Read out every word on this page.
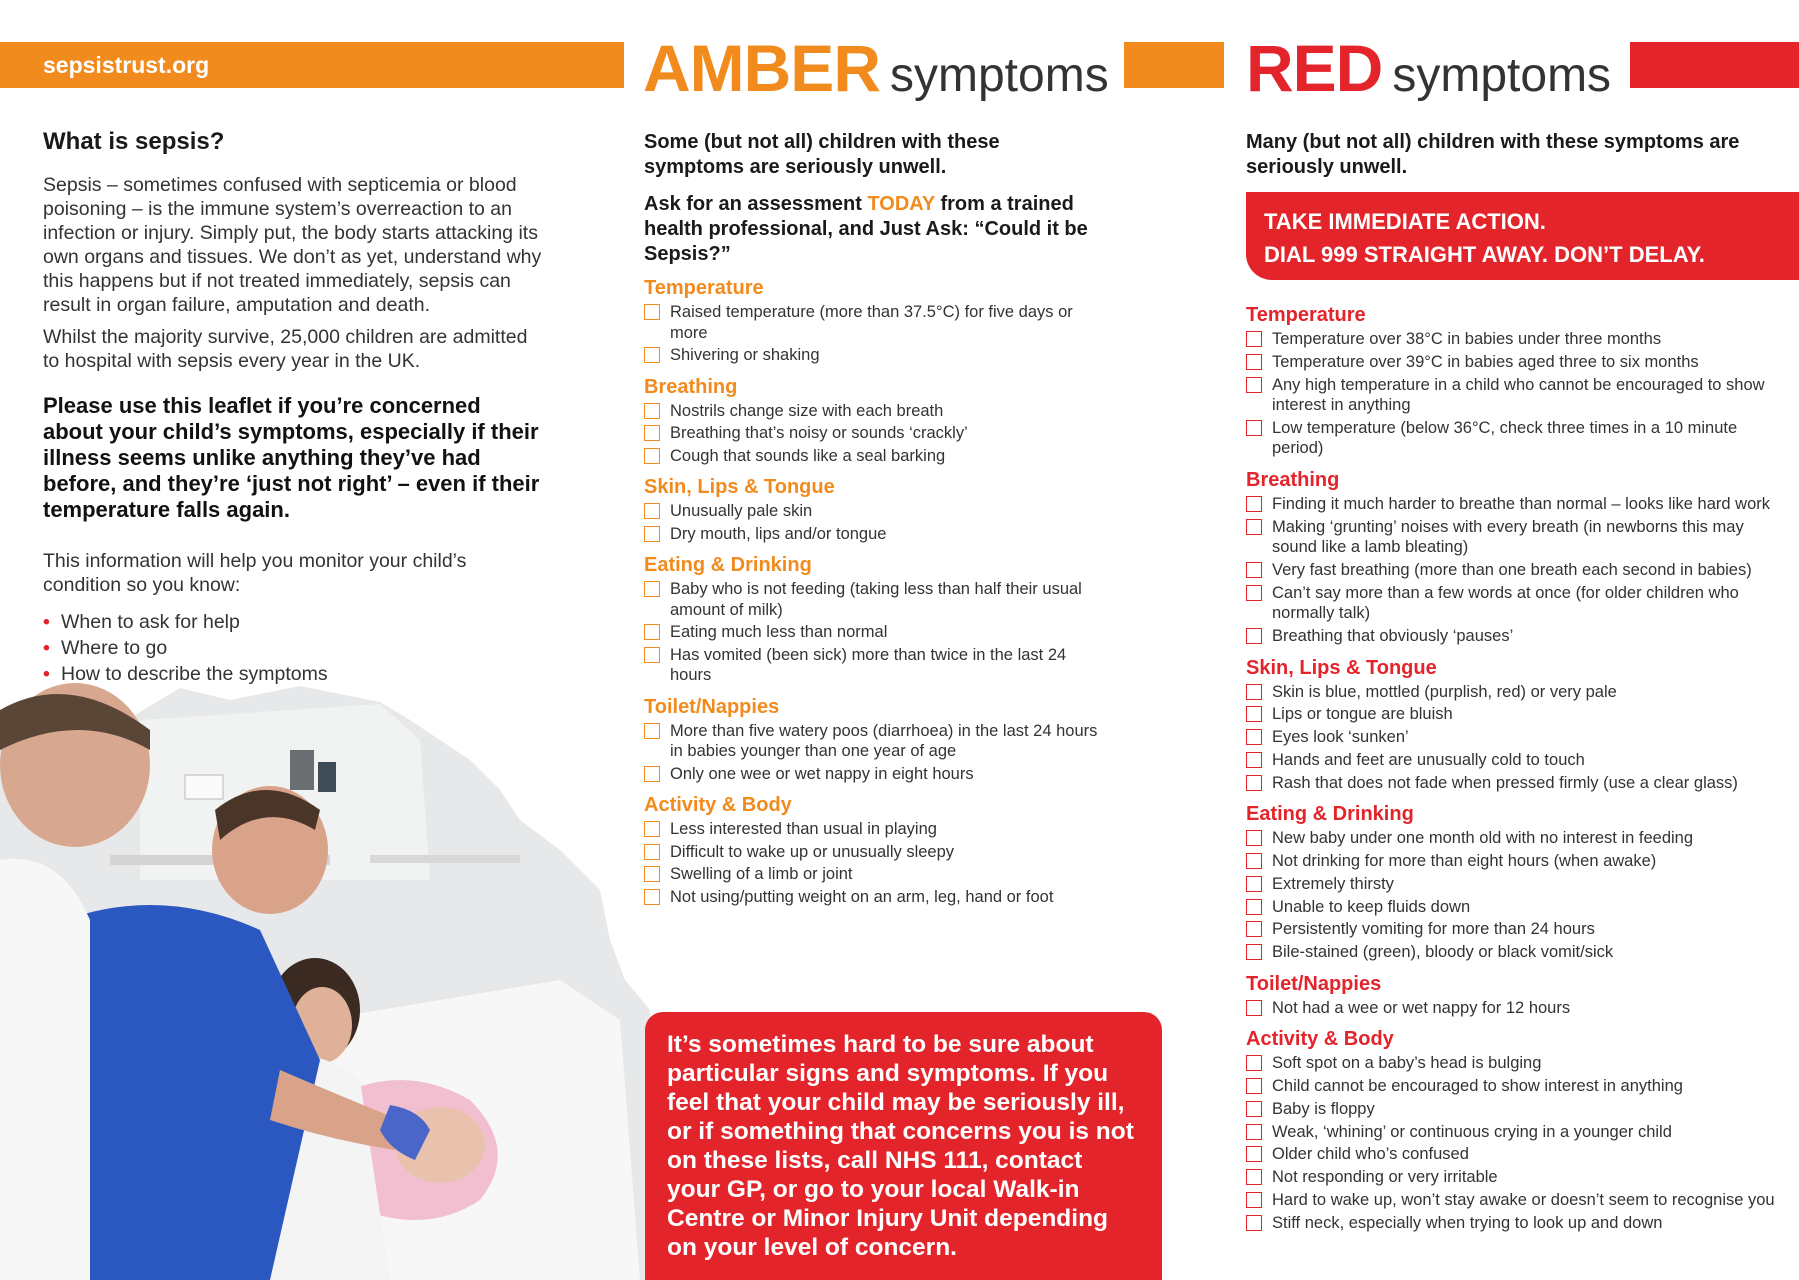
sepsistrust.org	AMBER symptoms RED symptoms
What is sepsis?

Sepsis – sometimes confused with septicemia or blood poisoning – is the immune system’s overreaction to an infection or injury. Simply put, the body starts attacking its own organs and tissues. We don’t as yet, understand why this happens but if not treated immediately, sepsis can result in organ failure, amputation and death.

Whilst the majority survive, 25,000 children are admitted to hospital with sepsis every year in the UK.

Please use this leaflet if you’re concerned about your child’s symptoms, especially if their illness seems unlike anything they’ve had before, and they’re ‘just not right’ – even if their temperature falls again.

This information will help you monitor your child’s condition so you know:

• When to ask for help
• Where to go
• How to describe the symptoms
Some (but not all) children with these symptoms are seriously unwell.
Ask for an assessment TODAY from a trained health professional, and Just Ask: “Could it be Sepsis?”
Temperature
Raised temperature (more than 37.5°C) for five days or more
Shivering or shaking
Breathing
Nostrils change size with each breath
Breathing that’s noisy or sounds ‘crackly’
Cough that sounds like a seal barking
Skin, Lips & Tongue
Unusually pale skin
Dry mouth, lips and/or tongue
Eating & Drinking
Baby who is not feeding (taking less than half their usual amount of milk)
Eating much less than normal
Has vomited (been sick) more than twice in the last 24 hours
Toilet/Nappies
More than five watery poos (diarrhoea) in the last 24 hours in babies younger than one year of age
Only one wee or wet nappy in eight hours
Activity & Body
Less interested than usual in playing
Difficult to wake up or unusually sleepy
Swelling of a limb or joint
Not using/putting weight on an arm, leg, hand or foot
Many (but not all) children with these symptoms are seriously unwell.
TAKE IMMEDIATE ACTION.
DIAL 999 STRAIGHT AWAY. DON’T DELAY.
Temperature
Temperature over 38°C in babies under three months
Temperature over 39°C in babies aged three to six months
Any high temperature in a child who cannot be encouraged to show interest in anything
Low temperature (below 36°C, check three times in a 10 minute period)
Breathing
Finding it much harder to breathe than normal – looks like hard work
Making ‘grunting’ noises with every breath (in newborns this may sound like a lamb bleating)
Very fast breathing (more than one breath each second in babies)
Can’t say more than a few words at once (for older children who normally talk)
Breathing that obviously ‘pauses’
Skin, Lips & Tongue
Skin is blue, mottled (purplish, red) or very pale
Lips or tongue are bluish
Eyes look ‘sunken’
Hands and feet are unusually cold to touch
Rash that does not fade when pressed firmly (use a clear glass)
Eating & Drinking
New baby under one month old with no interest in feeding
Not drinking for more than eight hours (when awake)
Extremely thirsty
Unable to keep fluids down
Persistently vomiting for more than 24 hours
Bile-stained (green), bloody or black vomit/sick
Toilet/Nappies
Not had a wee or wet nappy for 12 hours
Activity & Body
Soft spot on a baby’s head is bulging
Child cannot be encouraged to show interest in anything
Baby is floppy
Weak, ‘whining’ or continuous crying in a younger child
Older child who’s confused
Not responding or very irritable
Hard to wake up, won’t stay awake or doesn’t seem to recognise you
Stiff neck, especially when trying to look up and down
It’s sometimes hard to be sure about particular signs and symptoms. If you feel that your child may be seriously ill, or if something that concerns you is not on these lists, call NHS 111, contact your GP, or go to your local Walk-in Centre or Minor Injury Unit depending on your level of concern.
